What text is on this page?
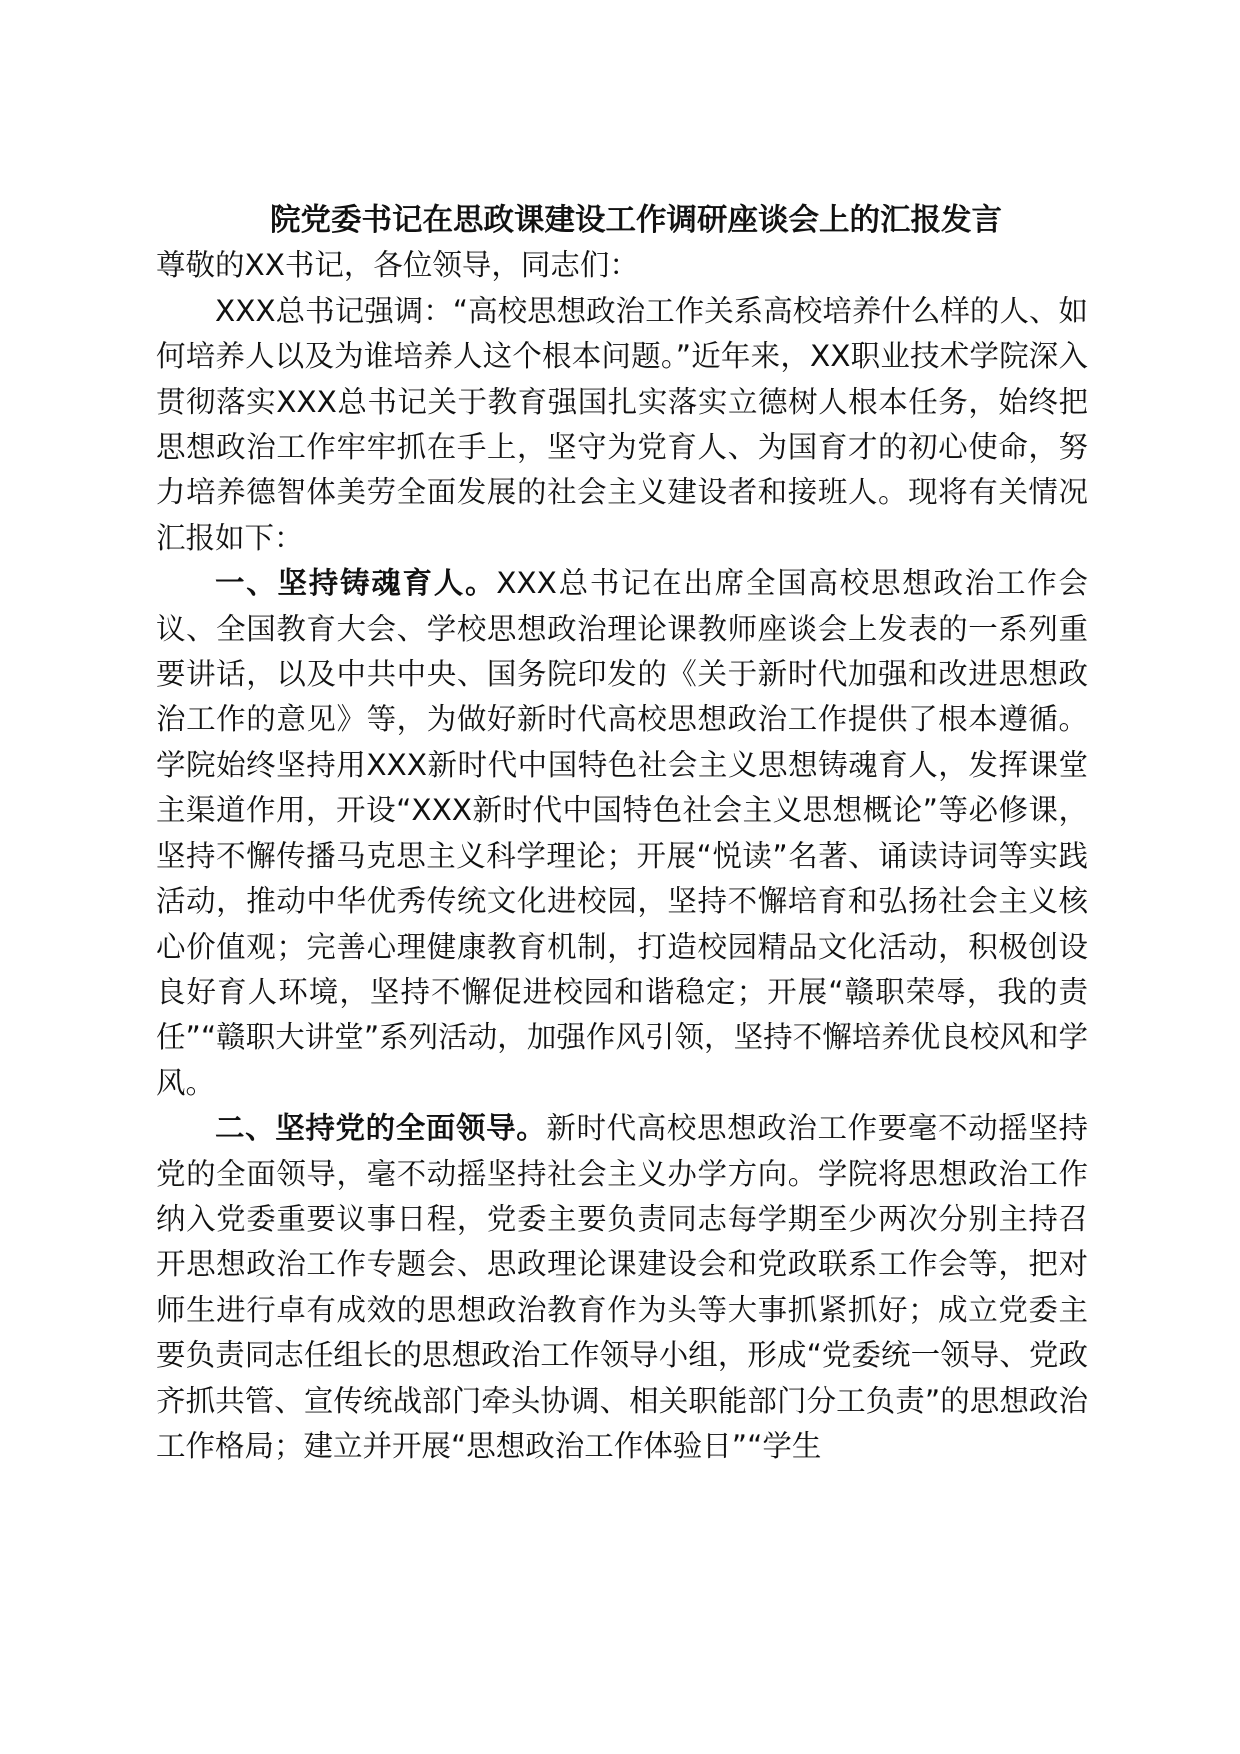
院党委书记在思政课建设工作调研座谈会上的汇报发言

尊敬的XX书记，各位领导，同志们：

XXX总书记强调：“高校思想政治工作关系高校培养什么样的人、如何培养人以及为谁培养人这个根本问题。”近年来，XX职业技术学院深入贯彻落实XXX总书记关于教育强国扎实落实立德树人根本任务，始终把思想政治工作牢牢抓在手上，坚守为党育人、为国育才的初心使命，努力培养德智体美劳全面发展的社会主义建设者和接班人。现将有关情况汇报如下：

一、坚持铸魂育人。XXX总书记在出席全国高校思想政治工作会议、全国教育大会、学校思想政治理论课教师座谈会上发表的一系列重要讲话，以及中共中央、国务院印发的《关于新时代加强和改进思想政治工作的意见》等，为做好新时代高校思想政治工作提供了根本遵循。学院始终坚持用XXX新时代中国特色社会主义思想铸魂育人，发挥课堂主渠道作用，开设“XXX新时代中国特色社会主义思想概论”等必修课，坚持不懈传播马克思主义科学理论；开展“悦读”名著、诵读诗词等实践活动，推动中华优秀传统文化进校园，坚持不懈培育和弘扬社会主义核心价值观；完善心理健康教育机制，打造校园精品文化活动，积极创设良好育人环境，坚持不懈促进校园和谐稳定；开展“赣职荣辱，我的责任”“赣职大讲堂”系列活动，加强作风引领，坚持不懈培养优良校风和学风。

二、坚持党的全面领导。新时代高校思想政治工作要毫不动摇坚持党的全面领导，毫不动摇坚持社会主义办学方向。学院将思想政治工作纳入党委重要议事日程，党委主要负责同志每学期至少两次分别主持召开思想政治工作专题会、思政理论课建设会和党政联系工作会等，把对师生进行卓有成效的思想政治教育作为头等大事抓紧抓好；成立党委主要负责同志任组长的思想政治工作领导小组，形成“党委统一领导、党政齐抓共管、宣传统战部门牵头协调、相关职能部门分工负责”的思想政治工作格局；建立并开展“思想政治工作体验日”“学生
